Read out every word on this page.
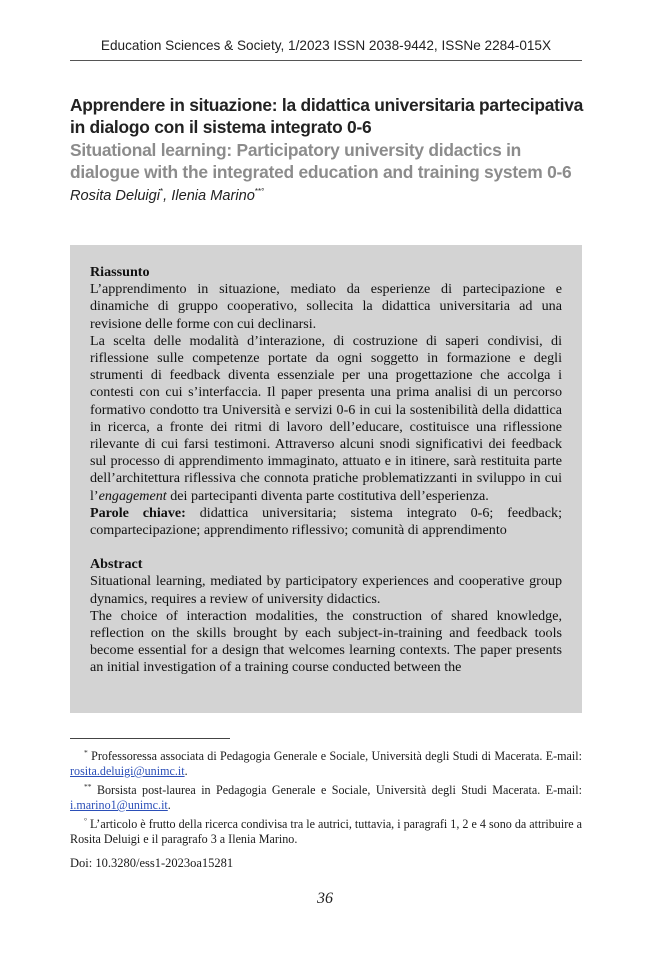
Education Sciences & Society, 1/2023 ISSN 2038-9442, ISSNe 2284-015X
Apprendere in situazione: la didattica universitaria partecipativa in dialogo con il sistema integrato 0-6
Situational learning: Participatory university didactics in dialogue with the integrated education and training system 0-6
Rosita Deluigi*, Ilenia Marino**°

Riassunto

L’apprendimento in situazione, mediato da esperienze di partecipazione e dinamiche di gruppo cooperativo, sollecita la didattica universitaria ad una revisione delle forme con cui declinarsi.

La scelta delle modalità d’interazione, di costruzione di saperi condivisi, di riflessione sulle competenze portate da ogni soggetto in formazione e degli strumenti di feedback diventa essenziale per una progettazione che accolga i contesti con cui s’interfaccia. Il paper presenta una prima analisi di un percorso formativo condotto tra Università e servizi 0-6 in cui la sostenibilità della didattica in ricerca, a fronte dei ritmi di lavoro dell’educare, costituisce una riflessione rilevante di cui farsi testimoni. Attraverso alcuni snodi significativi dei feedback sul processo di apprendimento immaginato, attuato e in itinere, sarà restituita parte dell’architettura riflessiva che connota pratiche problematizzanti in sviluppo in cui l’engagement dei partecipanti diventa parte costitutiva dell’esperienza.

Parole chiave: didattica universitaria; sistema integrato 0-6; feedback; compartecipazione; apprendimento riflessivo; comunità di apprendimento

Abstract

Situational learning, mediated by participatory experiences and cooperative group dynamics, requires a review of university didactics.

The choice of interaction modalities, the construction of shared knowledge, reflection on the skills brought by each subject-in-training and feedback tools become essential for a design that welcomes learning contexts. The paper presents an initial investigation of a training course conducted between the

* Professoressa associata di Pedagogia Generale e Sociale, Università degli Studi di Macerata. E-mail: rosita.deluigi@unimc.it.

** Borsista post-laurea in Pedagogia Generale e Sociale, Università degli Studi Macerata. E-mail: i.marino1@unimc.it.

° L’articolo è frutto della ricerca condivisa tra le autrici, tuttavia, i paragrafi 1, 2 e 4 sono da attribuire a Rosita Deluigi e il paragrafo 3 a Ilenia Marino.

Doi: 10.3280/ess1-2023oa15281
36
